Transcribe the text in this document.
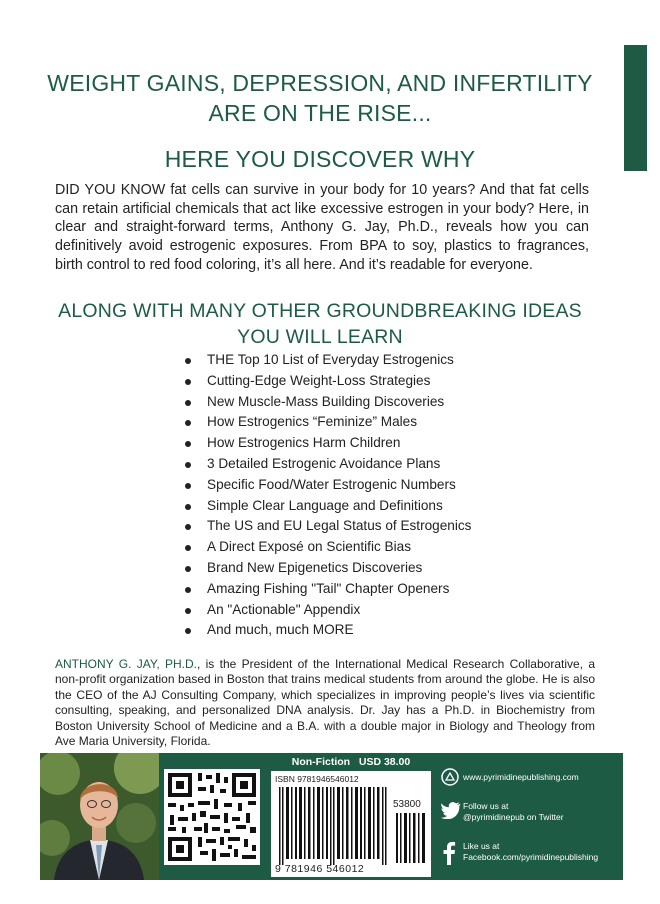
WEIGHT GAINS, DEPRESSION, AND INFERTILITY
ARE ON THE RISE...
HERE YOU DISCOVER WHY

DID YOU KNOW fat cells can survive in your body for 10 years? And that fat cells can retain artificial chemicals that act like excessive estrogen in your body? Here, in clear and straight-forward terms, Anthony G. Jay, Ph.D., reveals how you can definitively avoid estrogenic exposures. From BPA to soy, plastics to fragrances, birth control to red food coloring, it’s all here. And it’s readable for everyone.

ALONG WITH MANY OTHER GROUNDBREAKING IDEAS
YOU WILL LEARN
THE Top 10 List of Everyday Estrogenics
Cutting-Edge Weight-Loss Strategies
New Muscle-Mass Building Discoveries
How Estrogenics “Feminize” Males
How Estrogenics Harm Children
3 Detailed Estrogenic Avoidance Plans
Specific Food/Water Estrogenic Numbers
Simple Clear Language and Definitions
The US and EU Legal Status of Estrogenics
A Direct Exposé on Scientific Bias
Brand New Epigenetics Discoveries
Amazing Fishing "Tail" Chapter Openers
An "Actionable" Appendix
And much, much MORE

ANTHONY G. JAY, PH.D., is the President of the International Medical Research Collaborative, a non-profit organization based in Boston that trains medical students from around the globe. He is also the CEO of the AJ Consulting Company, which specializes in improving people’s lives via scientific consulting, speaking, and personalized DNA analysis. Dr. Jay has a Ph.D. in Biochemistry from Boston University School of Medicine and a B.A. with a double major in Biology and Theology from Ave Maria University, Florida.

Non-Fiction USD 38.00
ISBN 9781946546012
53800
9 781946 546012
www.pyrimidinepublishing.com
Follow us at
@pyrimidinepub on Twitter
Like us at
Facebook.com/pyrimidinepublishing
